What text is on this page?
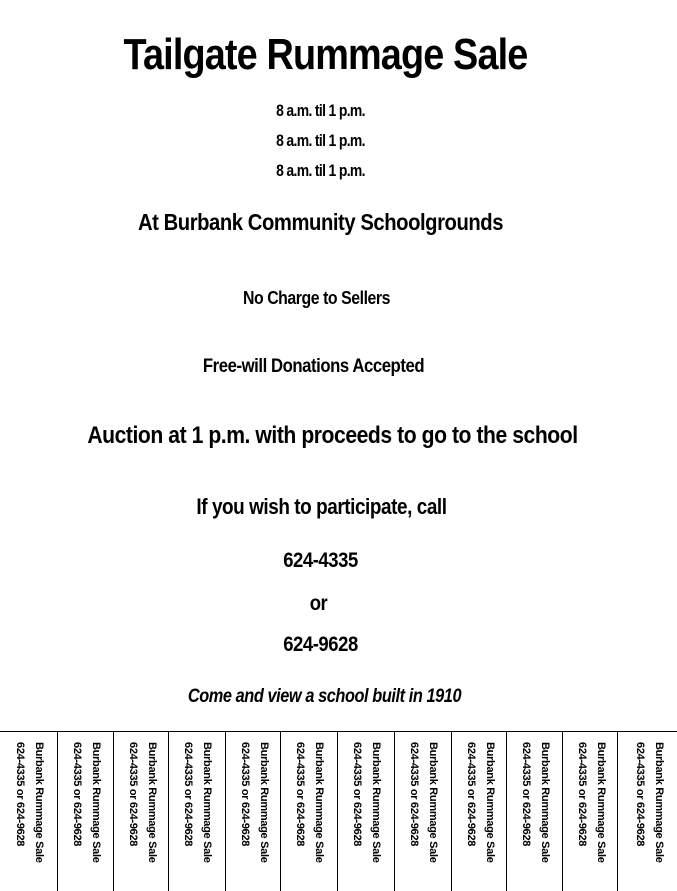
Tailgate Rummage Sale
8 a.m. til 1 p.m.
8 a.m. til 1 p.m.
8 a.m. til 1 p.m.
At Burbank Community Schoolgrounds
No Charge to Sellers
Free-will Donations Accepted
Auction at 1 p.m. with proceeds to go to the school
If you wish to participate, call
624-4335
or
624-9628
Come and view a school built in 1910
Burbank Rummage Sale
624-4335 or 624-9628	Burbank Rummage Sale
624-4335 or 624-9628	Burbank Rummage Sale
624-4335 or 624-9628	Burbank Rummage Sale
624-4335 or 624-9628	Burbank Rummage Sale
624-4335 or 624-9628	Burbank Rummage Sale
624-4335 or 624-9628	Burbank Rummage Sale
624-4335 or 624-9628	Burbank Rummage Sale
624-4335 or 624-9628	Burbank Rummage Sale
624-4335 or 624-9628	Burbank Rummage Sale
624-4335 or 624-9628	Burbank Rummage Sale
624-4335 or 624-9628	Burbank Rummage Sale
624-4335 or 624-9628
